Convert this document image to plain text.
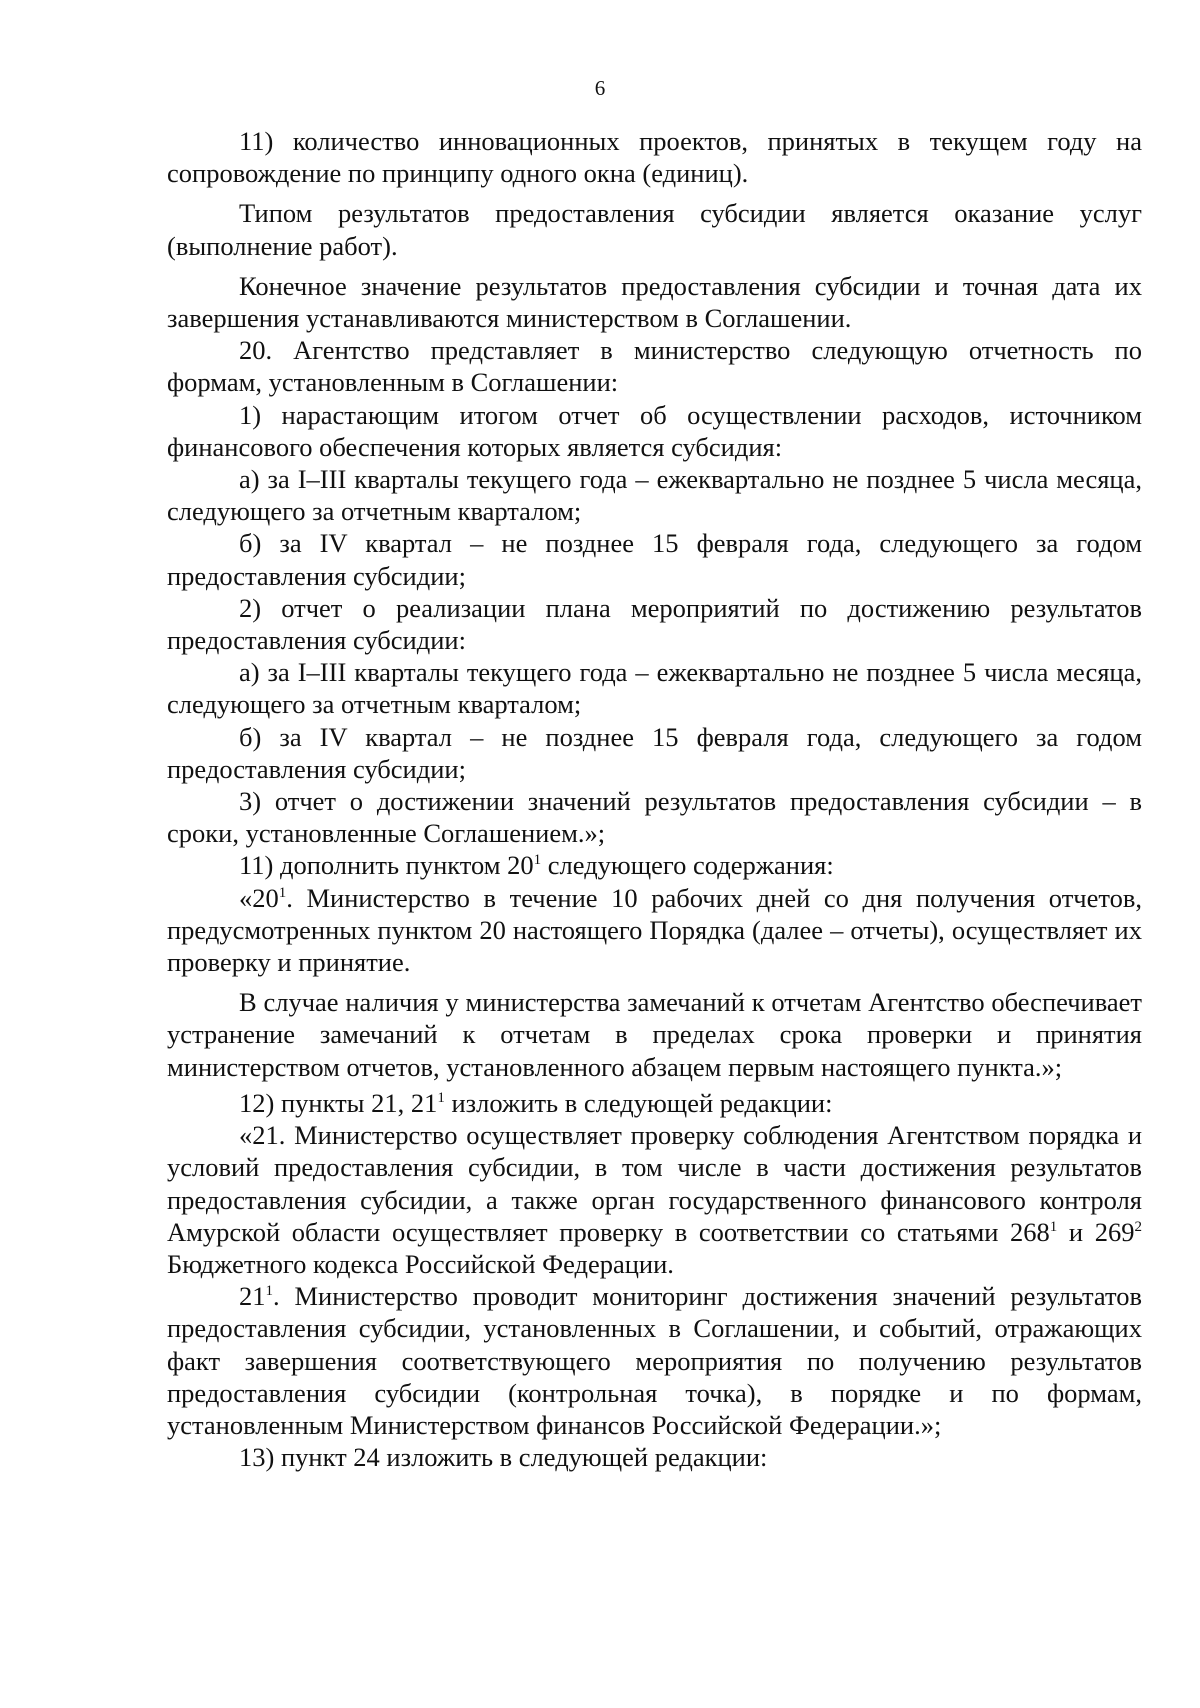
6

11) количество инновационных проектов, принятых в текущем году на сопровождение по принципу одного окна (единиц).

Типом результатов предоставления субсидии является оказание услуг (выполнение работ).

Конечное значение результатов предоставления субсидии и точная дата их завершения устанавливаются министерством в Соглашении.

20. Агентство представляет в министерство следующую отчетность по формам, установленным в Соглашении:

1) нарастающим итогом отчет об осуществлении расходов, источником финансового обеспечения которых является субсидия:

а) за I–III кварталы текущего года – ежеквартально не позднее 5 числа месяца, следующего за отчетным кварталом;

б) за IV квартал – не позднее 15 февраля года, следующего за годом предоставления субсидии;

2) отчет о реализации плана мероприятий по достижению результатов предоставления субсидии:

а) за I–III кварталы текущего года – ежеквартально не позднее 5 числа месяца, следующего за отчетным кварталом;

б) за IV квартал – не позднее 15 февраля года, следующего за годом предоставления субсидии;

3) отчет о достижении значений результатов предоставления субсидии – в сроки, установленные Соглашением.»;

11) дополнить пунктом $20^1$ следующего содержания:

«$20^1$. Министерство в течение 10 рабочих дней со дня получения отчетов, предусмотренных пунктом 20 настоящего Порядка (далее – отчеты), осуществляет их проверку и принятие.

В случае наличия у министерства замечаний к отчетам Агентство обеспечивает устранение замечаний к отчетам в пределах срока проверки и принятия министерством отчетов, установленного абзацем первым настоящего пункта.»;

12) пункты 21, $21^1$ изложить в следующей редакции:

«21. Министерство осуществляет проверку соблюдения Агентством порядка и условий предоставления субсидии, в том числе в части достижения результатов предоставления субсидии, а также орган государственного финансового контроля Амурской области осуществляет проверку в соответствии со статьями $268^1$ и $269^2$ Бюджетного кодекса Российской Федерации.

$21^1$. Министерство проводит мониторинг достижения значений результатов предоставления субсидии, установленных в Соглашении, и событий, отражающих факт завершения соответствующего мероприятия по получению результатов предоставления субсидии (контрольная точка), в порядке и по формам, установленным Министерством финансов Российской Федерации.»;

13) пункт 24 изложить в следующей редакции:
